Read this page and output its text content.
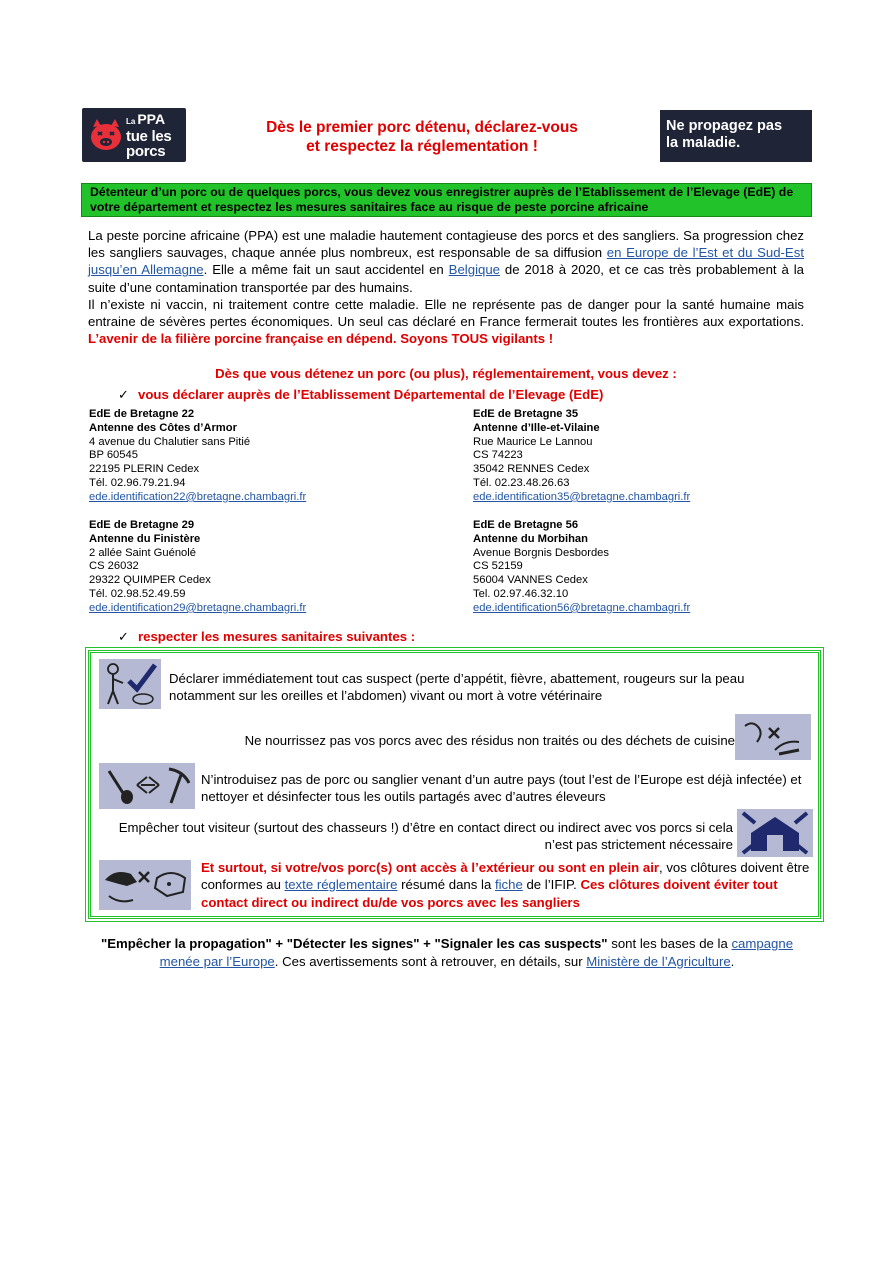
La PPA
tue les
porcs
Dès le premier porc détenu, déclarez-vous
et respectez la réglementation !
Ne propagez pas
la maladie.
Détenteur d’un porc ou de quelques porcs, vous devez vous enregistrer auprès de l’Etablissement de l’Elevage (EdE) de votre département et respectez les mesures sanitaires face au risque de peste porcine africaine

La peste porcine africaine (PPA) est une maladie hautement contagieuse des porcs et des sangliers. Sa progression chez les sangliers sauvages, chaque année plus nombreux, est responsable de sa diffusion en Europe de l’Est et du Sud-Est jusqu’en Allemagne. Elle a même fait un saut accidentel en Belgique de 2018 à 2020, et ce cas très probablement à la suite d’une contamination transportée par des humains.

Il n’existe ni vaccin, ni traitement contre cette maladie. Elle ne représente pas de danger pour la santé humaine mais entraine de sévères pertes économiques. Un seul cas déclaré en France fermerait toutes les frontières aux exportations. L’avenir de la filière porcine française en dépend. Soyons TOUS vigilants !

Dès que vous détenez un porc (ou plus), réglementairement, vous devez :
✓ vous déclarer auprès de l’Etablissement Départemental de l’Elevage (EdE)
EdE de Bretagne 22
Antenne des Côtes d’Armor
4 avenue du Chalutier sans Pitié
BP 60545
22195 PLERIN Cedex
Tél. 02.96.79.21.94
ede.identification22@bretagne.chambagri.fr
EdE de Bretagne 35
Antenne d’Ille-et-Vilaine
Rue Maurice Le Lannou
CS 74223
35042 RENNES Cedex
Tél. 02.23.48.26.63
ede.identification35@bretagne.chambagri.fr
EdE de Bretagne 29
Antenne du Finistère
2 allée Saint Guénolé
CS 26032
29322 QUIMPER Cedex
Tél. 02.98.52.49.59
ede.identification29@bretagne.chambagri.fr
EdE de Bretagne 56
Antenne du Morbihan
Avenue Borgnis Desbordes
CS 52159
56004 VANNES Cedex
Tel. 02.97.46.32.10
ede.identification56@bretagne.chambagri.fr
✓ respecter les mesures sanitaires suivantes :
Déclarer immédiatement tout cas suspect (perte d’appétit, fièvre, abattement, rougeurs sur la peau notamment sur les oreilles et l’abdomen) vivant ou mort à votre vétérinaire
Ne nourrissez pas vos porcs avec des résidus non traités ou des déchets de cuisine
N’introduisez pas de porc ou sanglier venant d’un autre pays (tout l’est de l’Europe est déjà infectée) et nettoyer et désinfecter tous les outils partagés avec d’autres éleveurs
Empêcher tout visiteur (surtout des chasseurs !) d’être en contact direct ou indirect avec vos porcs si cela n’est pas strictement nécessaire
Et surtout, si votre/vos porc(s) ont accès à l’extérieur ou sont en plein air, vos clôtures doivent être conformes au texte réglementaire résumé dans la fiche de l’IFIP. Ces clôtures doivent éviter tout contact direct ou indirect du/de vos porcs avec les sangliers
"Empêcher la propagation" + "Détecter les signes" + "Signaler les cas suspects" sont les bases de la campagne menée par l’Europe. Ces avertissements sont à retrouver, en détails, sur Ministère de l’Agriculture.
